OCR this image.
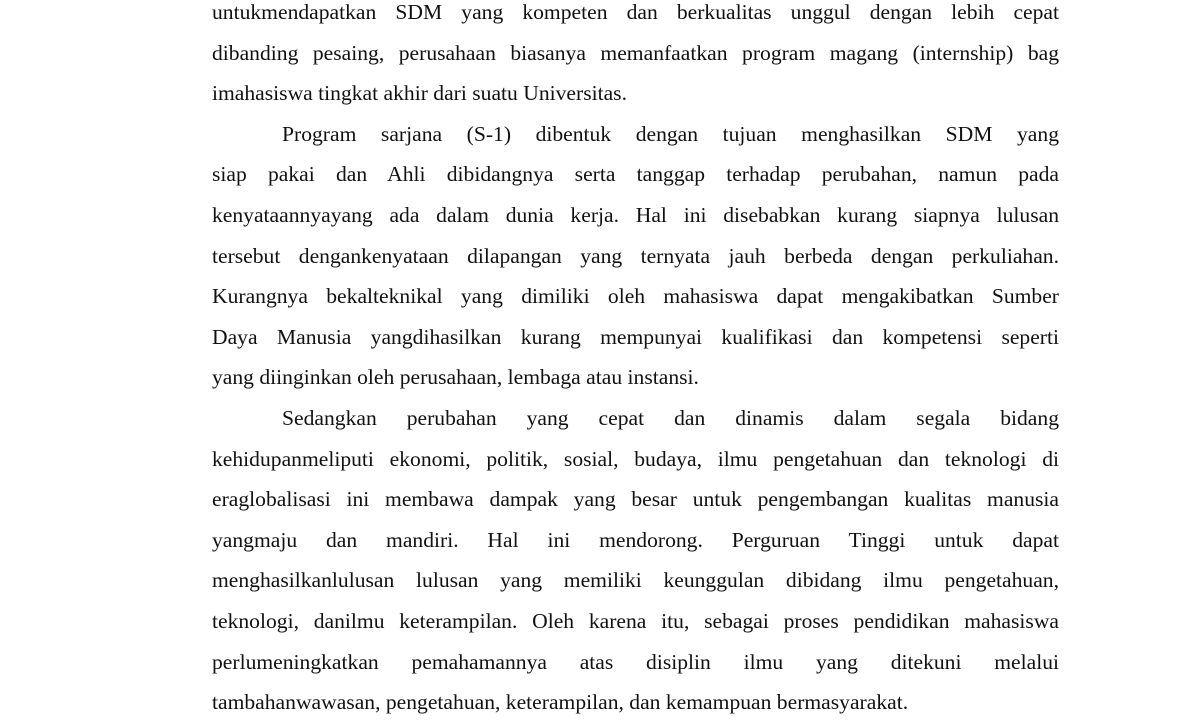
untukmendapatkan SDM yang kompeten dan berkualitas unggul dengan lebih cepat
dibanding pesaing, perusahaan biasanya memanfaatkan program magang (internship) bag
imahasiswa tingkat akhir dari suatu Universitas.
Program sarjana (S-1) dibentuk dengan tujuan menghasilkan SDM yang
siap pakai dan Ahli dibidangnya serta tanggap terhadap perubahan, namun pada
kenyataannyayang ada dalam dunia kerja. Hal ini disebabkan kurang siapnya lulusan
tersebut dengankenyataan dilapangan yang ternyata jauh berbeda dengan perkuliahan.
Kurangnya bekalteknikal yang dimiliki oleh mahasiswa dapat mengakibatkan Sumber
Daya Manusia yangdihasilkan kurang mempunyai kualifikasi dan kompetensi seperti
yang diinginkan oleh perusahaan, lembaga atau instansi.
Sedangkan perubahan yang cepat dan dinamis dalam segala bidang
kehidupanmeliputi ekonomi, politik, sosial, budaya, ilmu pengetahuan dan teknologi di
eraglobalisasi ini membawa dampak yang besar untuk pengembangan kualitas manusia
yangmaju dan mandiri. Hal ini mendorong. Perguruan Tinggi untuk dapat
menghasilkanlulusan lulusan yang memiliki keunggulan dibidang ilmu pengetahuan,
teknologi, danilmu keterampilan. Oleh karena itu, sebagai proses pendidikan mahasiswa
perlumeningkatkan pemahamannya atas disiplin ilmu yang ditekuni melalui
tambahanwawasan, pengetahuan, keterampilan, dan kemampuan bermasyarakat.
